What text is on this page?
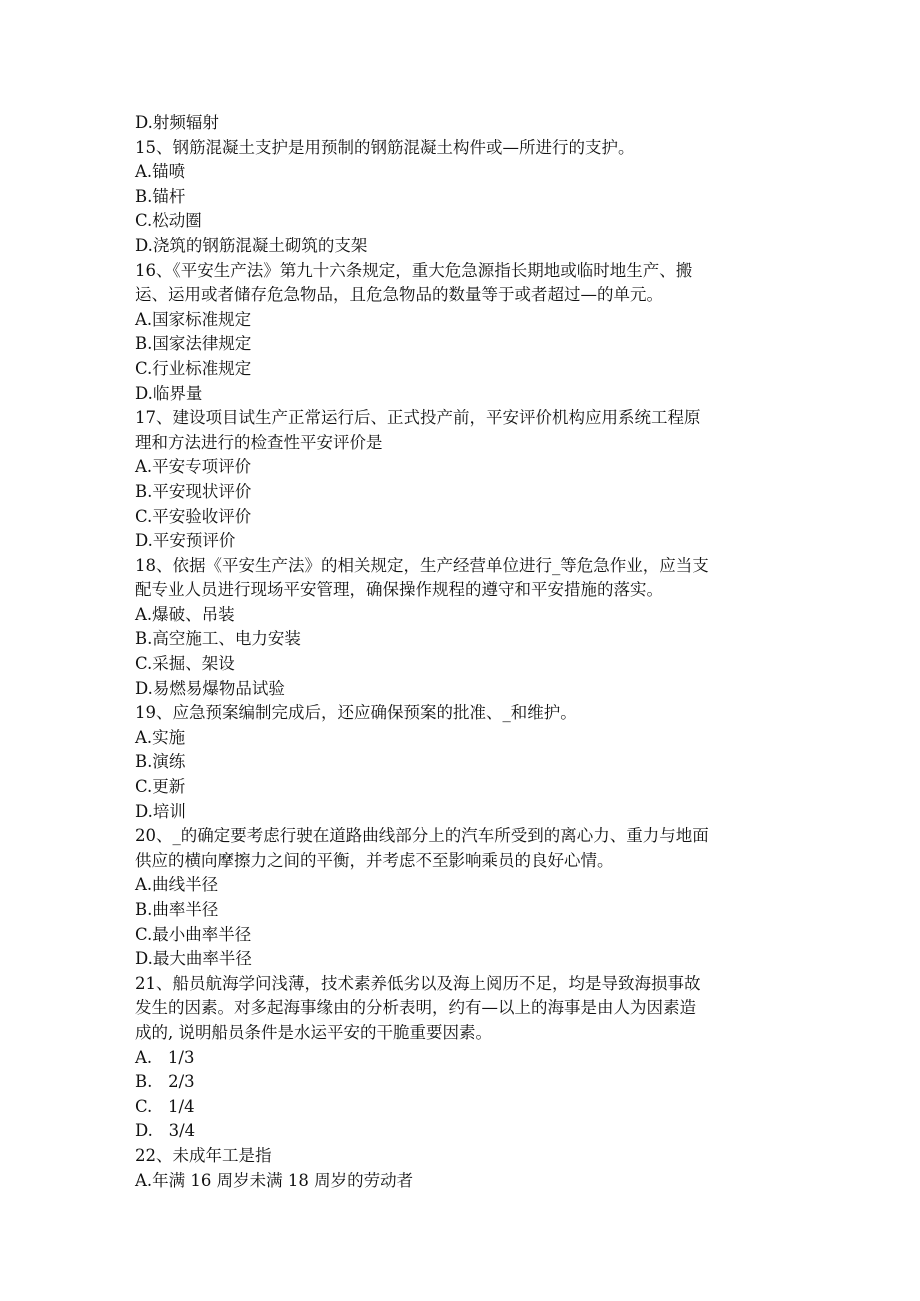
D.射频辐射
15、钢筋混凝土支护是用预制的钢筋混凝土构件或—所进行的支护。
A.锚喷
B.锚杆
C.松动圈
D.浇筑的钢筋混凝土砌筑的支架
16、《平安生产法》第九十六条规定，重大危急源指长期地或临时地生产、搬
运、运用或者储存危急物品，且危急物品的数量等于或者超过—的单元。
A.国家标准规定
B.国家法律规定
C.行业标准规定
D.临界量
17、建设项目试生产正常运行后、正式投产前，平安评价机构应用系统工程原
理和方法进行的检查性平安评价是
A.平安专项评价
B.平安现状评价
C.平安验收评价
D.平安预评价
18、依据《平安生产法》的相关规定，生产经营单位进行_等危急作业，应当支
配专业人员进行现场平安管理，确保操作规程的遵守和平安措施的落实。
A.爆破、吊装
B.高空施工、电力安装
C.采掘、架设
D.易燃易爆物品试验
19、应急预案编制完成后，还应确保预案的批准、_和维护。
A.实施
B.演练
C.更新
D.培训
20、_的确定要考虑行驶在道路曲线部分上的汽车所受到的离心力、重力与地面
供应的横向摩擦力之间的平衡，并考虑不至影响乘员的良好心情。
A.曲线半径
B.曲率半径
C.最小曲率半径
D.最大曲率半径
21、船员航海学问浅薄，技术素养低劣以及海上阅历不足，均是导致海损事故
发生的因素。对多起海事缘由的分析表明，约有—以上的海事是由人为因素造
成的, 说明船员条件是水运平安的干脆重要因素。
A.   1/3
B.   2/3
C.   1/4
D.   3/4
22、未成年工是指
A.年满 16 周岁未满 18 周岁的劳动者
